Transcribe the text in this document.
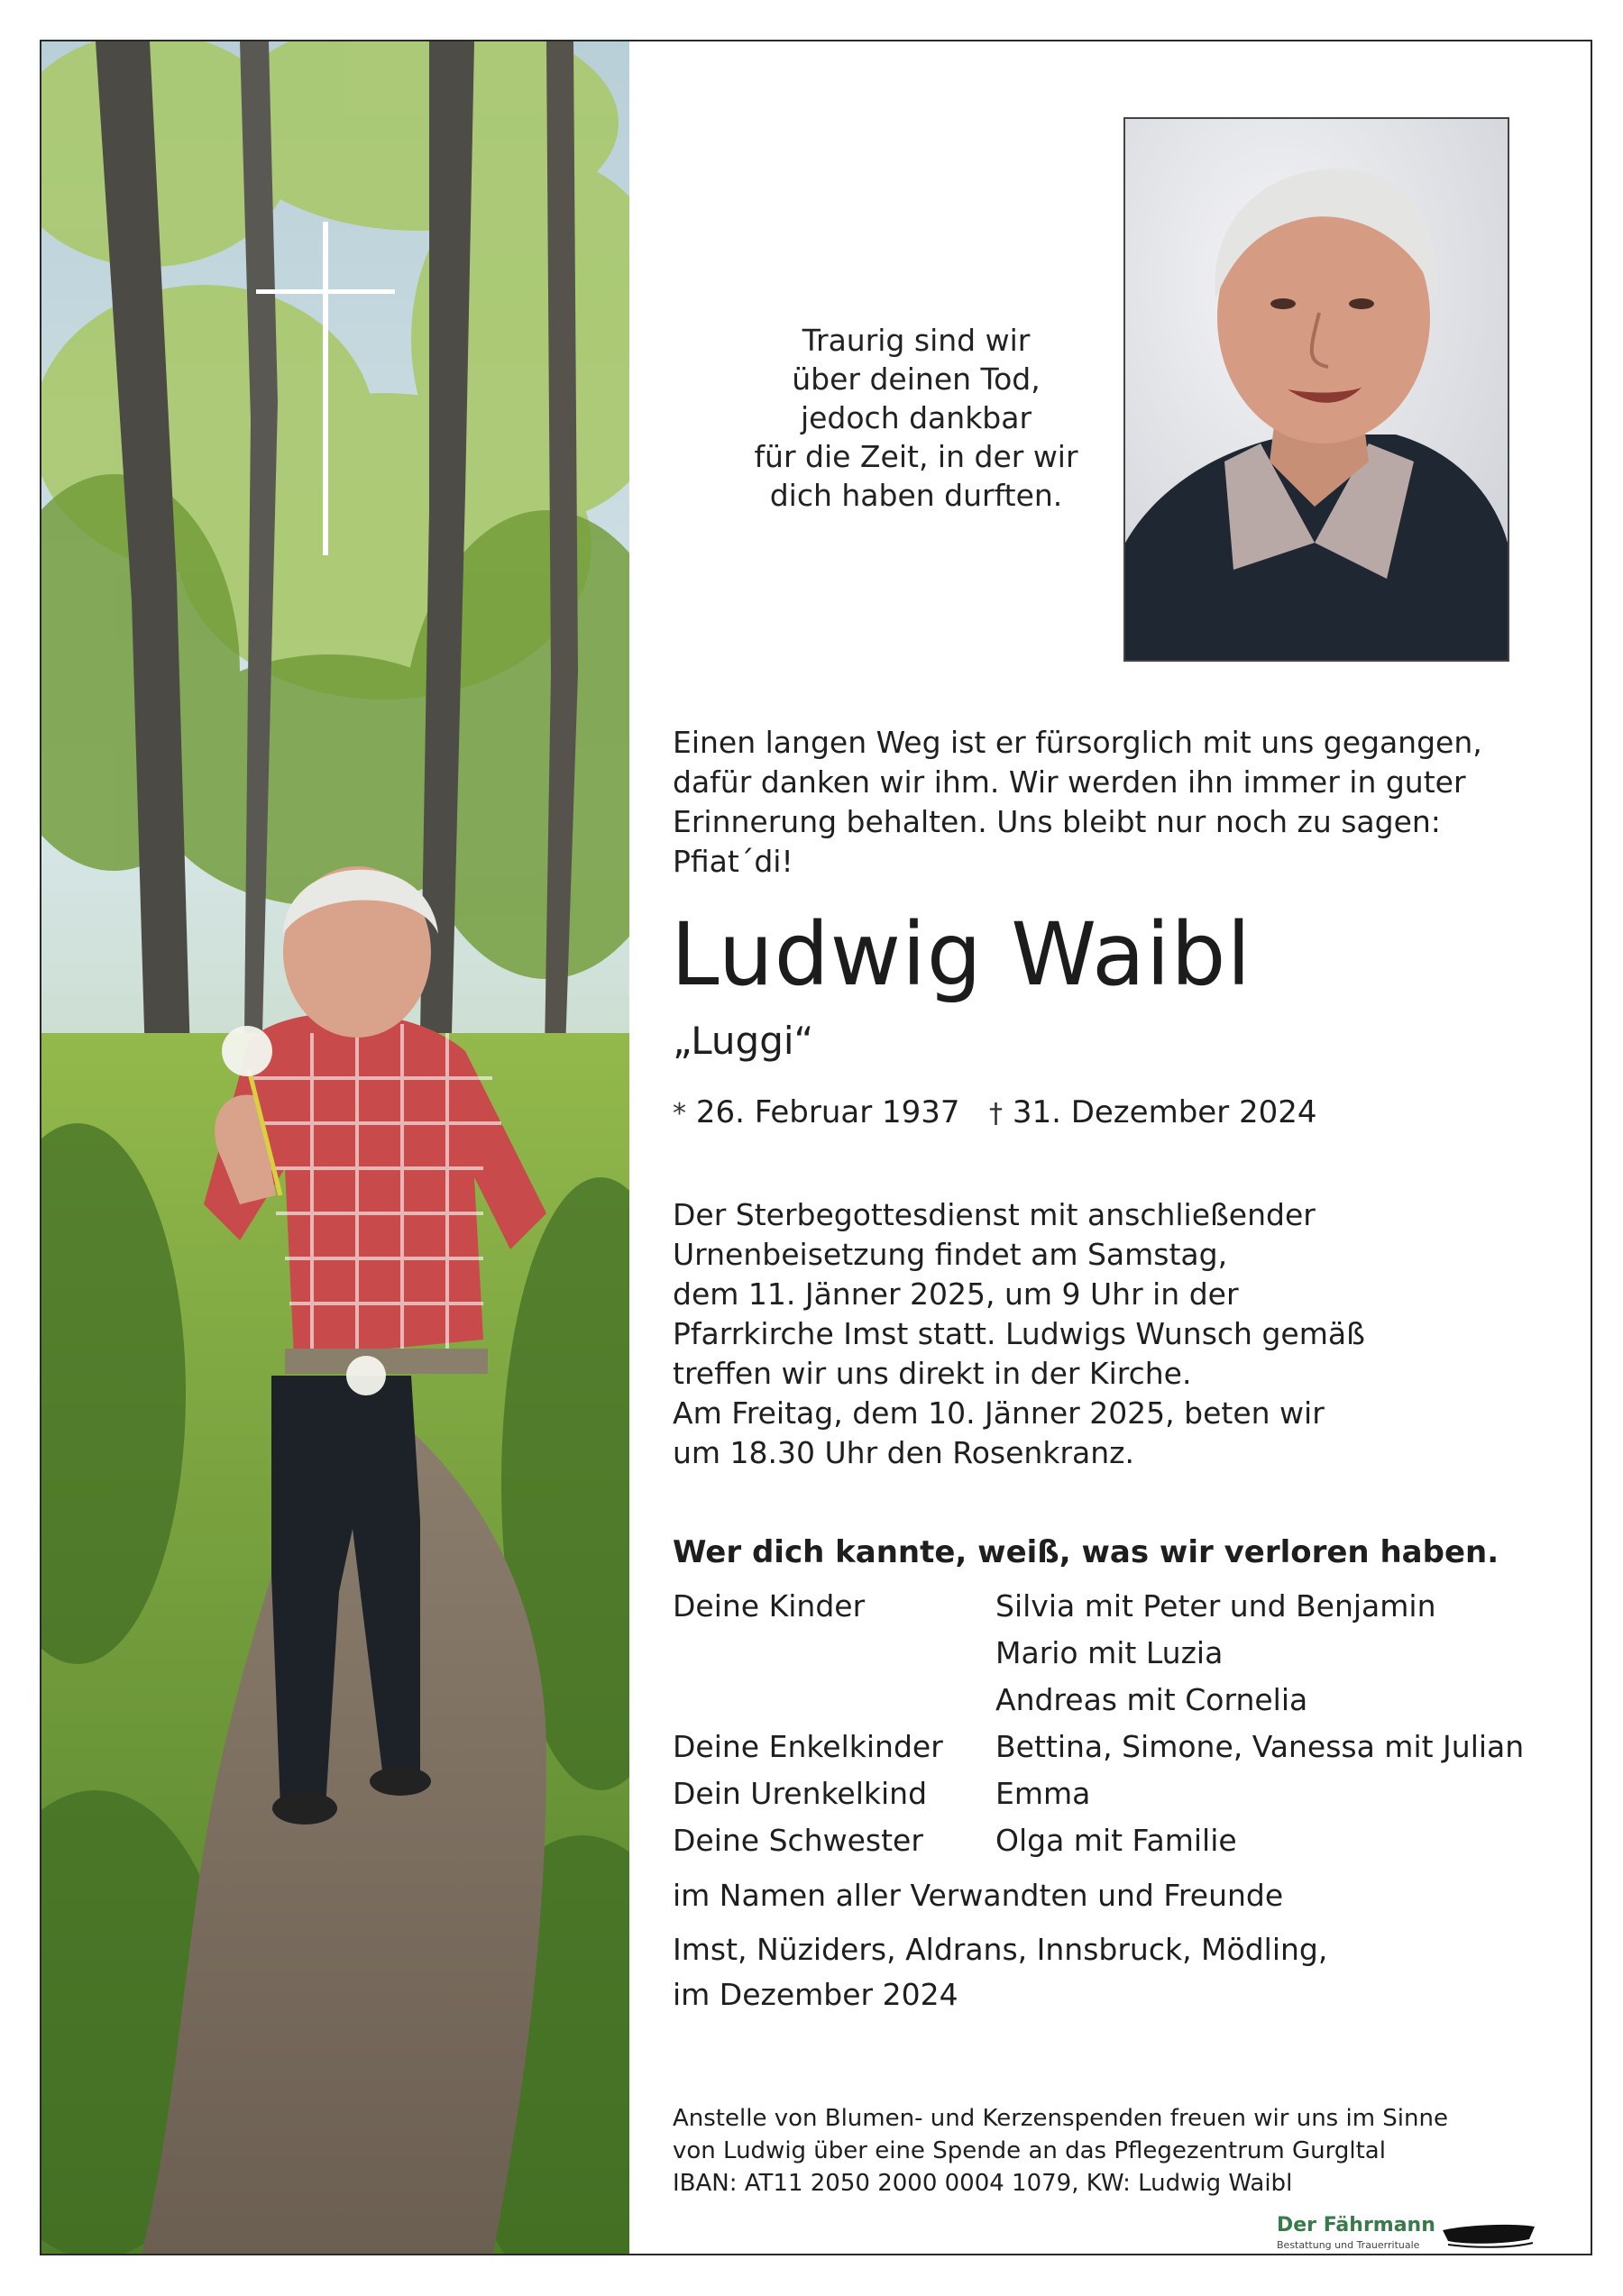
Traurig sind wir
über deinen Tod,
jedoch dankbar
für die Zeit, in der wir
dich haben durften.
Einen langen Weg ist er fürsorglich mit uns gegangen,
dafür danken wir ihm. Wir werden ihn immer in guter
Erinnerung behalten. Uns bleibt nur noch zu sagen:
Pfiat´di!
Ludwig Waibl
„Luggi“
* 26. Februar 1937 † 31. Dezember 2024
Der Sterbegottesdienst mit anschließender
Urnenbeisetzung findet am Samstag,
dem 11. Jänner 2025, um 9 Uhr in der
Pfarrkirche Imst statt. Ludwigs Wunsch gemäß
treffen wir uns direkt in der Kirche.
Am Freitag, dem 10. Jänner 2025, beten wir
um 18.30 Uhr den Rosenkranz.
Wer dich kannte, weiß, was wir verloren haben.
Deine Kinder	Silvia mit Peter und Benjamin
Mario mit Luzia
Andreas mit Cornelia
Deine Enkelkinder	Bettina, Simone, Vanessa mit Julian
Dein Urenkelkind	Emma
Deine Schwester	Olga mit Familie
im Namen aller Verwandten und Freunde
Imst, Nüziders, Aldrans, Innsbruck, Mödling,
im Dezember 2024
Anstelle von Blumen- und Kerzenspenden freuen wir uns im Sinne
von Ludwig über eine Spende an das Pflegezentrum Gurgltal
IBAN: AT11 2050 2000 0004 1079, KW: Ludwig Waibl
Der Fährmann
Bestattung und Trauerrituale
